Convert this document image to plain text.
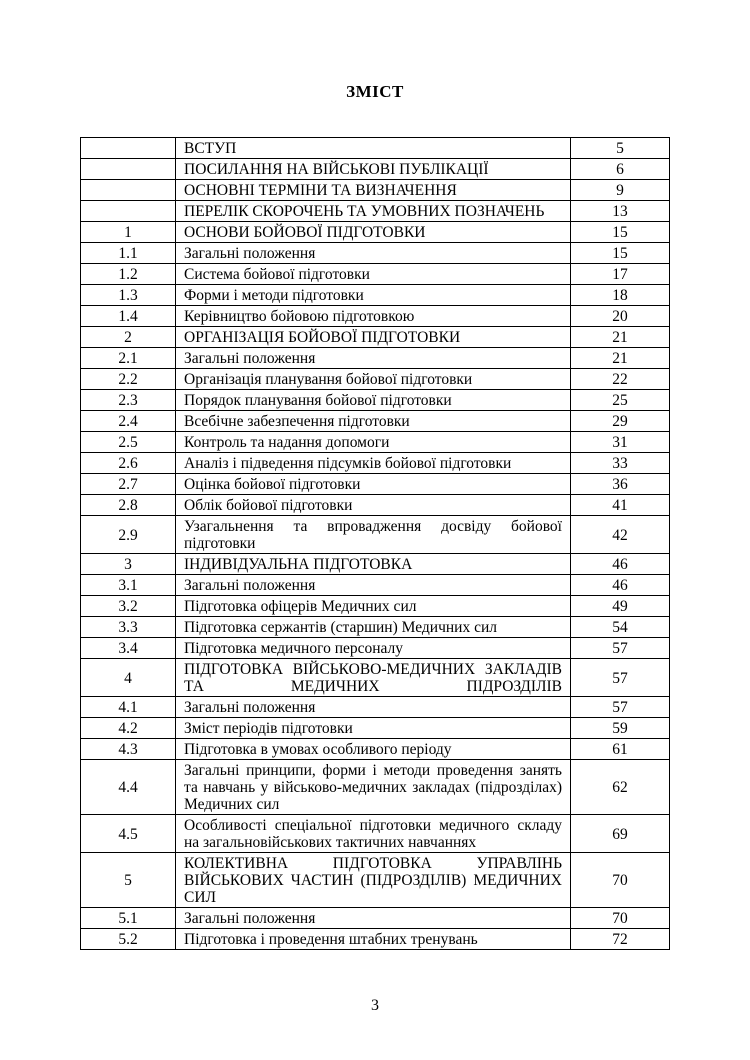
ЗМІСТ
	ВСТУП	5
	ПОСИЛАННЯ НА ВІЙСЬКОВІ ПУБЛІКАЦІЇ	6
	ОСНОВНІ ТЕРМІНИ ТА ВИЗНАЧЕННЯ	9
	ПЕРЕЛІК СКОРОЧЕНЬ ТА УМОВНИХ ПОЗНАЧЕНЬ	13
1	ОСНОВИ БОЙОВОЇ ПІДГОТОВКИ	15
1.1	Загальні положення	15
1.2	Система бойової підготовки	17
1.3	Форми і методи підготовки	18
1.4	Керівництво бойовою підготовкою	20
2	ОРГАНІЗАЦІЯ БОЙОВОЇ ПІДГОТОВКИ	21
2.1	Загальні положення	21
2.2	Організація планування бойової підготовки	22
2.3	Порядок планування бойової підготовки	25
2.4	Всебічне забезпечення підготовки	29
2.5	Контроль та надання допомоги	31
2.6	Аналіз і підведення підсумків бойової підготовки	33
2.7	Оцінка бойової підготовки	36
2.8	Облік бойової підготовки	41
2.9	Узагальнення та впровадження досвіду бойової підготовки	42
3	ІНДИВІДУАЛЬНА ПІДГОТОВКА	46
3.1	Загальні положення	46
3.2	Підготовка офіцерів Медичних сил	49
3.3	Підготовка сержантів (старшин) Медичних сил	54
3.4	Підготовка медичного персоналу	57
4	ПІДГОТОВКА ВІЙСЬКОВО-МЕДИЧНИХ ЗАКЛАДІВ ТА МЕДИЧНИХ ПІДРОЗДІЛІВ	57
4.1	Загальні положення	57
4.2	Зміст періодів підготовки	59
4.3	Підготовка в умовах особливого періоду	61
4.4	Загальні принципи, форми і методи проведення занять та навчань у військово-медичних закладах (підрозділах) Медичних сил	62
4.5	Особливості спеціальної підготовки медичного складу на загальновійськових тактичних навчаннях	69
5	КОЛЕКТИВНА ПІДГОТОВКА УПРАВЛІНЬ ВІЙСЬКОВИХ ЧАСТИН (ПІДРОЗДІЛІВ) МЕДИЧНИХ СИЛ	70
5.1	Загальні положення	70
5.2	Підготовка і проведення штабних тренувань	72
3
